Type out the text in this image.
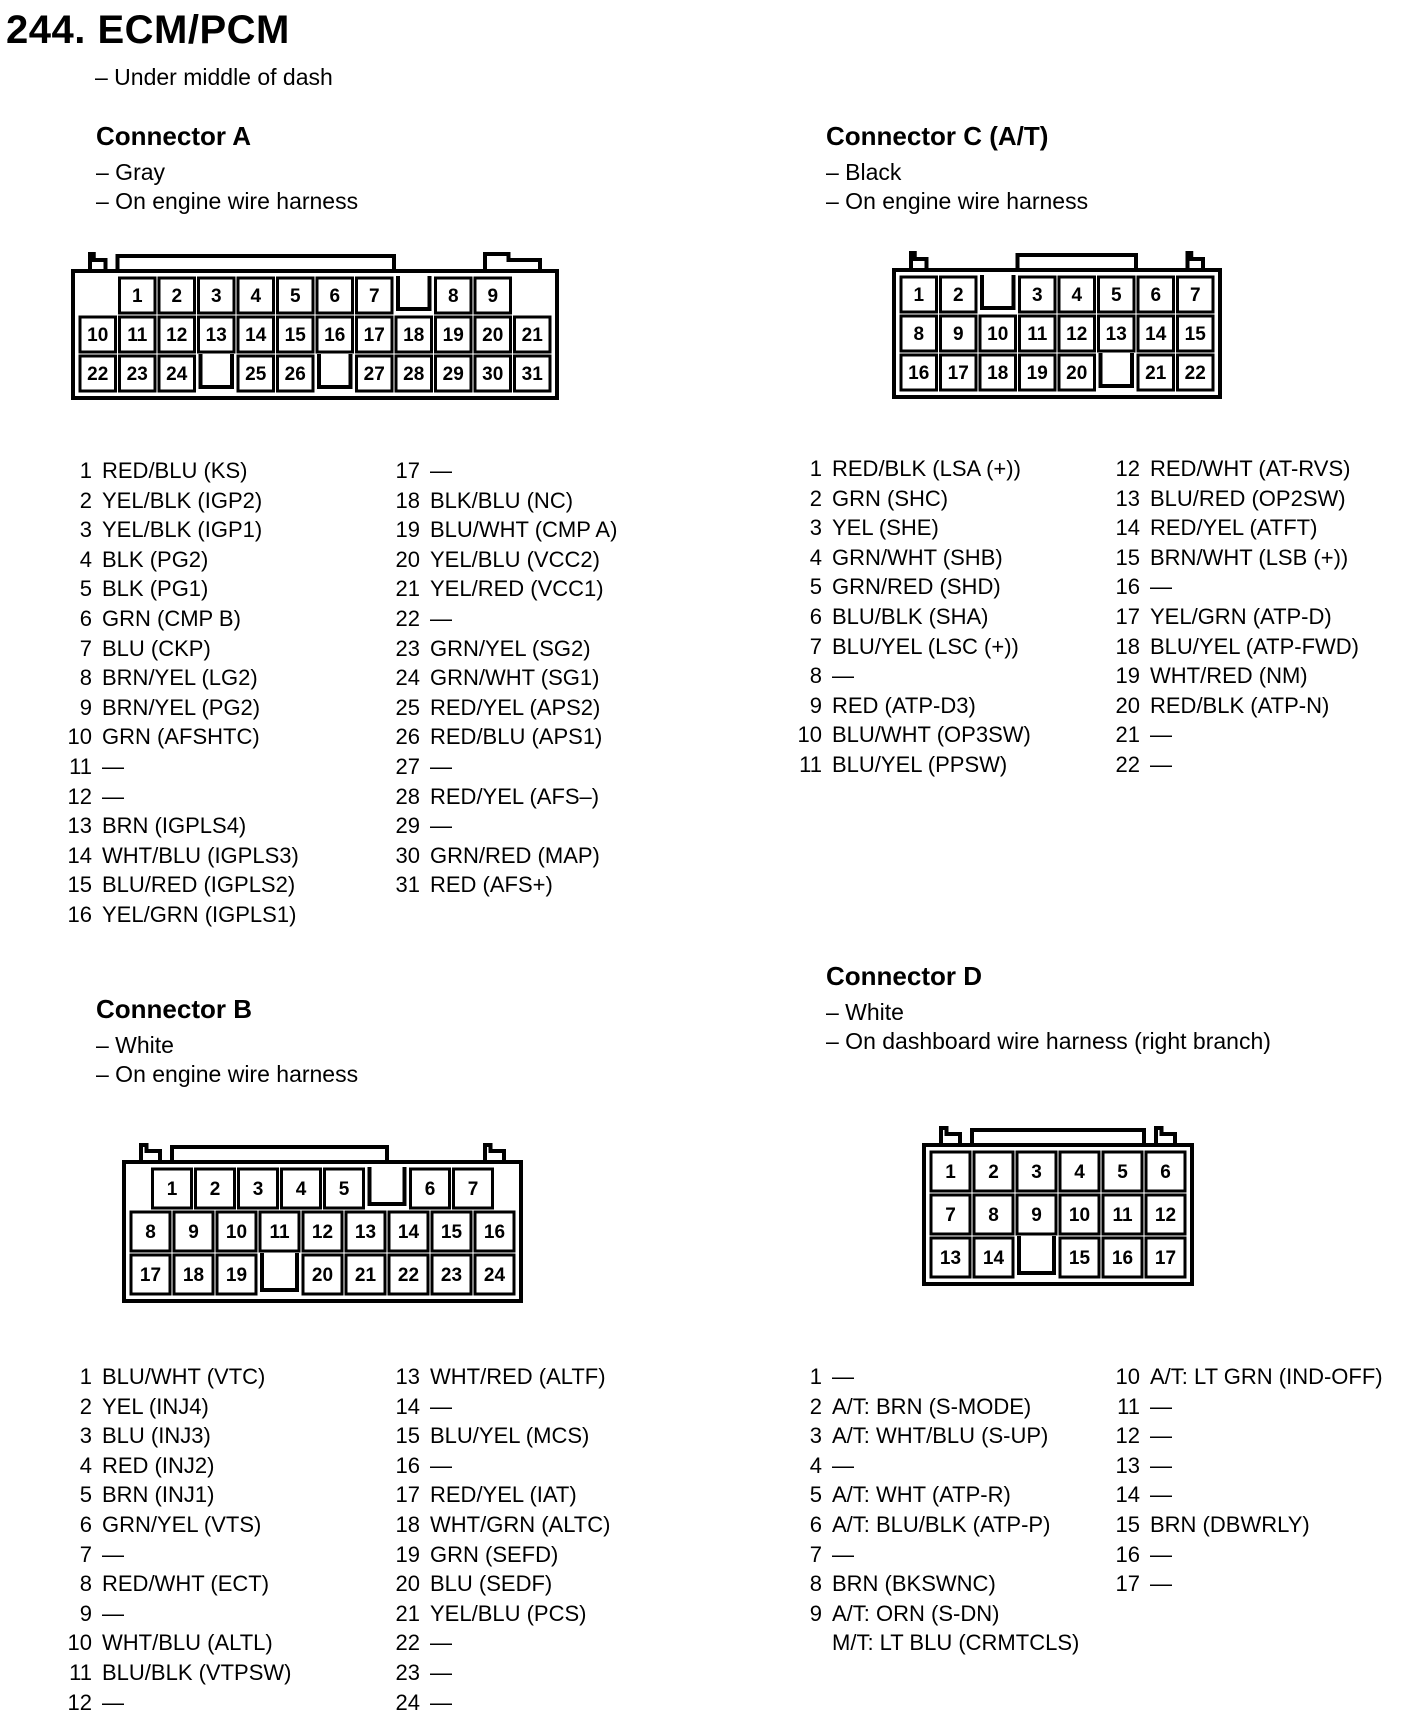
244. ECM/PCM
– Under middle of dash
Connector A
– Gray
– On engine wire harness
1 2 3 4 5 6 7	8 9
10 11 12 13 14 15 16 17 18 19 20 21
22 23 24	25 26	27 28 29 30 31
1 RED/BLU (KS)
2 YEL/BLK (IGP2)
3 YEL/BLK (IGP1)
4 BLK (PG2)
5 BLK (PG1)
6 GRN (CMP B)
7 BLU (CKP)
8 BRN/YEL (LG2)
9 BRN/YEL (PG2)
10 GRN (AFSHTC)
11 —
12 —
13 BRN (IGPLS4)
14 WHT/BLU (IGPLS3)
15 BLU/RED (IGPLS2)
16 YEL/GRN (IGPLS1)
17 —
18 BLK/BLU (NC)
19 BLU/WHT (CMP A)
20 YEL/BLU (VCC2)
21 YEL/RED (VCC1)
22 —
23 GRN/YEL (SG2)
24 GRN/WHT (SG1)
25 RED/YEL (APS2)
26 RED/BLU (APS1)
27 —
28 RED/YEL (AFS–)
29 —
30 GRN/RED (MAP)
31 RED (AFS+)
Connector C (A/T)
– Black
– On engine wire harness
1 2	3 4 5 6 7
8 9 10 11 12 13 14 15
16 17 18 19 20	21 22
1 RED/BLK (LSA (+))
2 GRN (SHC)
3 YEL (SHE)
4 GRN/WHT (SHB)
5 GRN/RED (SHD)
6 BLU/BLK (SHA)
7 BLU/YEL (LSC (+))
8 —
9 RED (ATP-D3)
10 BLU/WHT (OP3SW)
11 BLU/YEL (PPSW)
12 RED/WHT (AT-RVS)
13 BLU/RED (OP2SW)
14 RED/YEL (ATFT)
15 BRN/WHT (LSB (+))
16 —
17 YEL/GRN (ATP-D)
18 BLU/YEL (ATP-FWD)
19 WHT/RED (NM)
20 RED/BLK (ATP-N)
21 —
22 —
Connector B
– White
– On engine wire harness
1 2 3 4 5	6 7
8 9 10 11 12 13 14 15 16
17 18 19	20 21 22 23 24
1 BLU/WHT (VTC)
2 YEL (INJ4)
3 BLU (INJ3)
4 RED (INJ2)
5 BRN (INJ1)
6 GRN/YEL (VTS)
7 —
8 RED/WHT (ECT)
9 —
10 WHT/BLU (ALTL)
11 BLU/BLK (VTPSW)
12 —
13 WHT/RED (ALTF)
14 —
15 BLU/YEL (MCS)
16 —
17 RED/YEL (IAT)
18 WHT/GRN (ALTC)
19 GRN (SEFD)
20 BLU (SEDF)
21 YEL/BLU (PCS)
22 —
23 —
24 —
Connector D
– White
– On dashboard wire harness (right branch)
1 2 3 4 5 6
7 8 9 10 11 12
13 14	15 16 17
1 —
2 A/T: BRN (S-MODE)
3 A/T: WHT/BLU (S-UP)
4 —
5 A/T: WHT (ATP-R)
6 A/T: BLU/BLK (ATP-P)
7 —
8 BRN (BKSWNC)
9 A/T: ORN (S-DN)
M/T: LT BLU (CRMTCLS)
10 A/T: LT GRN (IND-OFF)
11 —
12 —
13 —
14 —
15 BRN (DBWRLY)
16 —
17 —
